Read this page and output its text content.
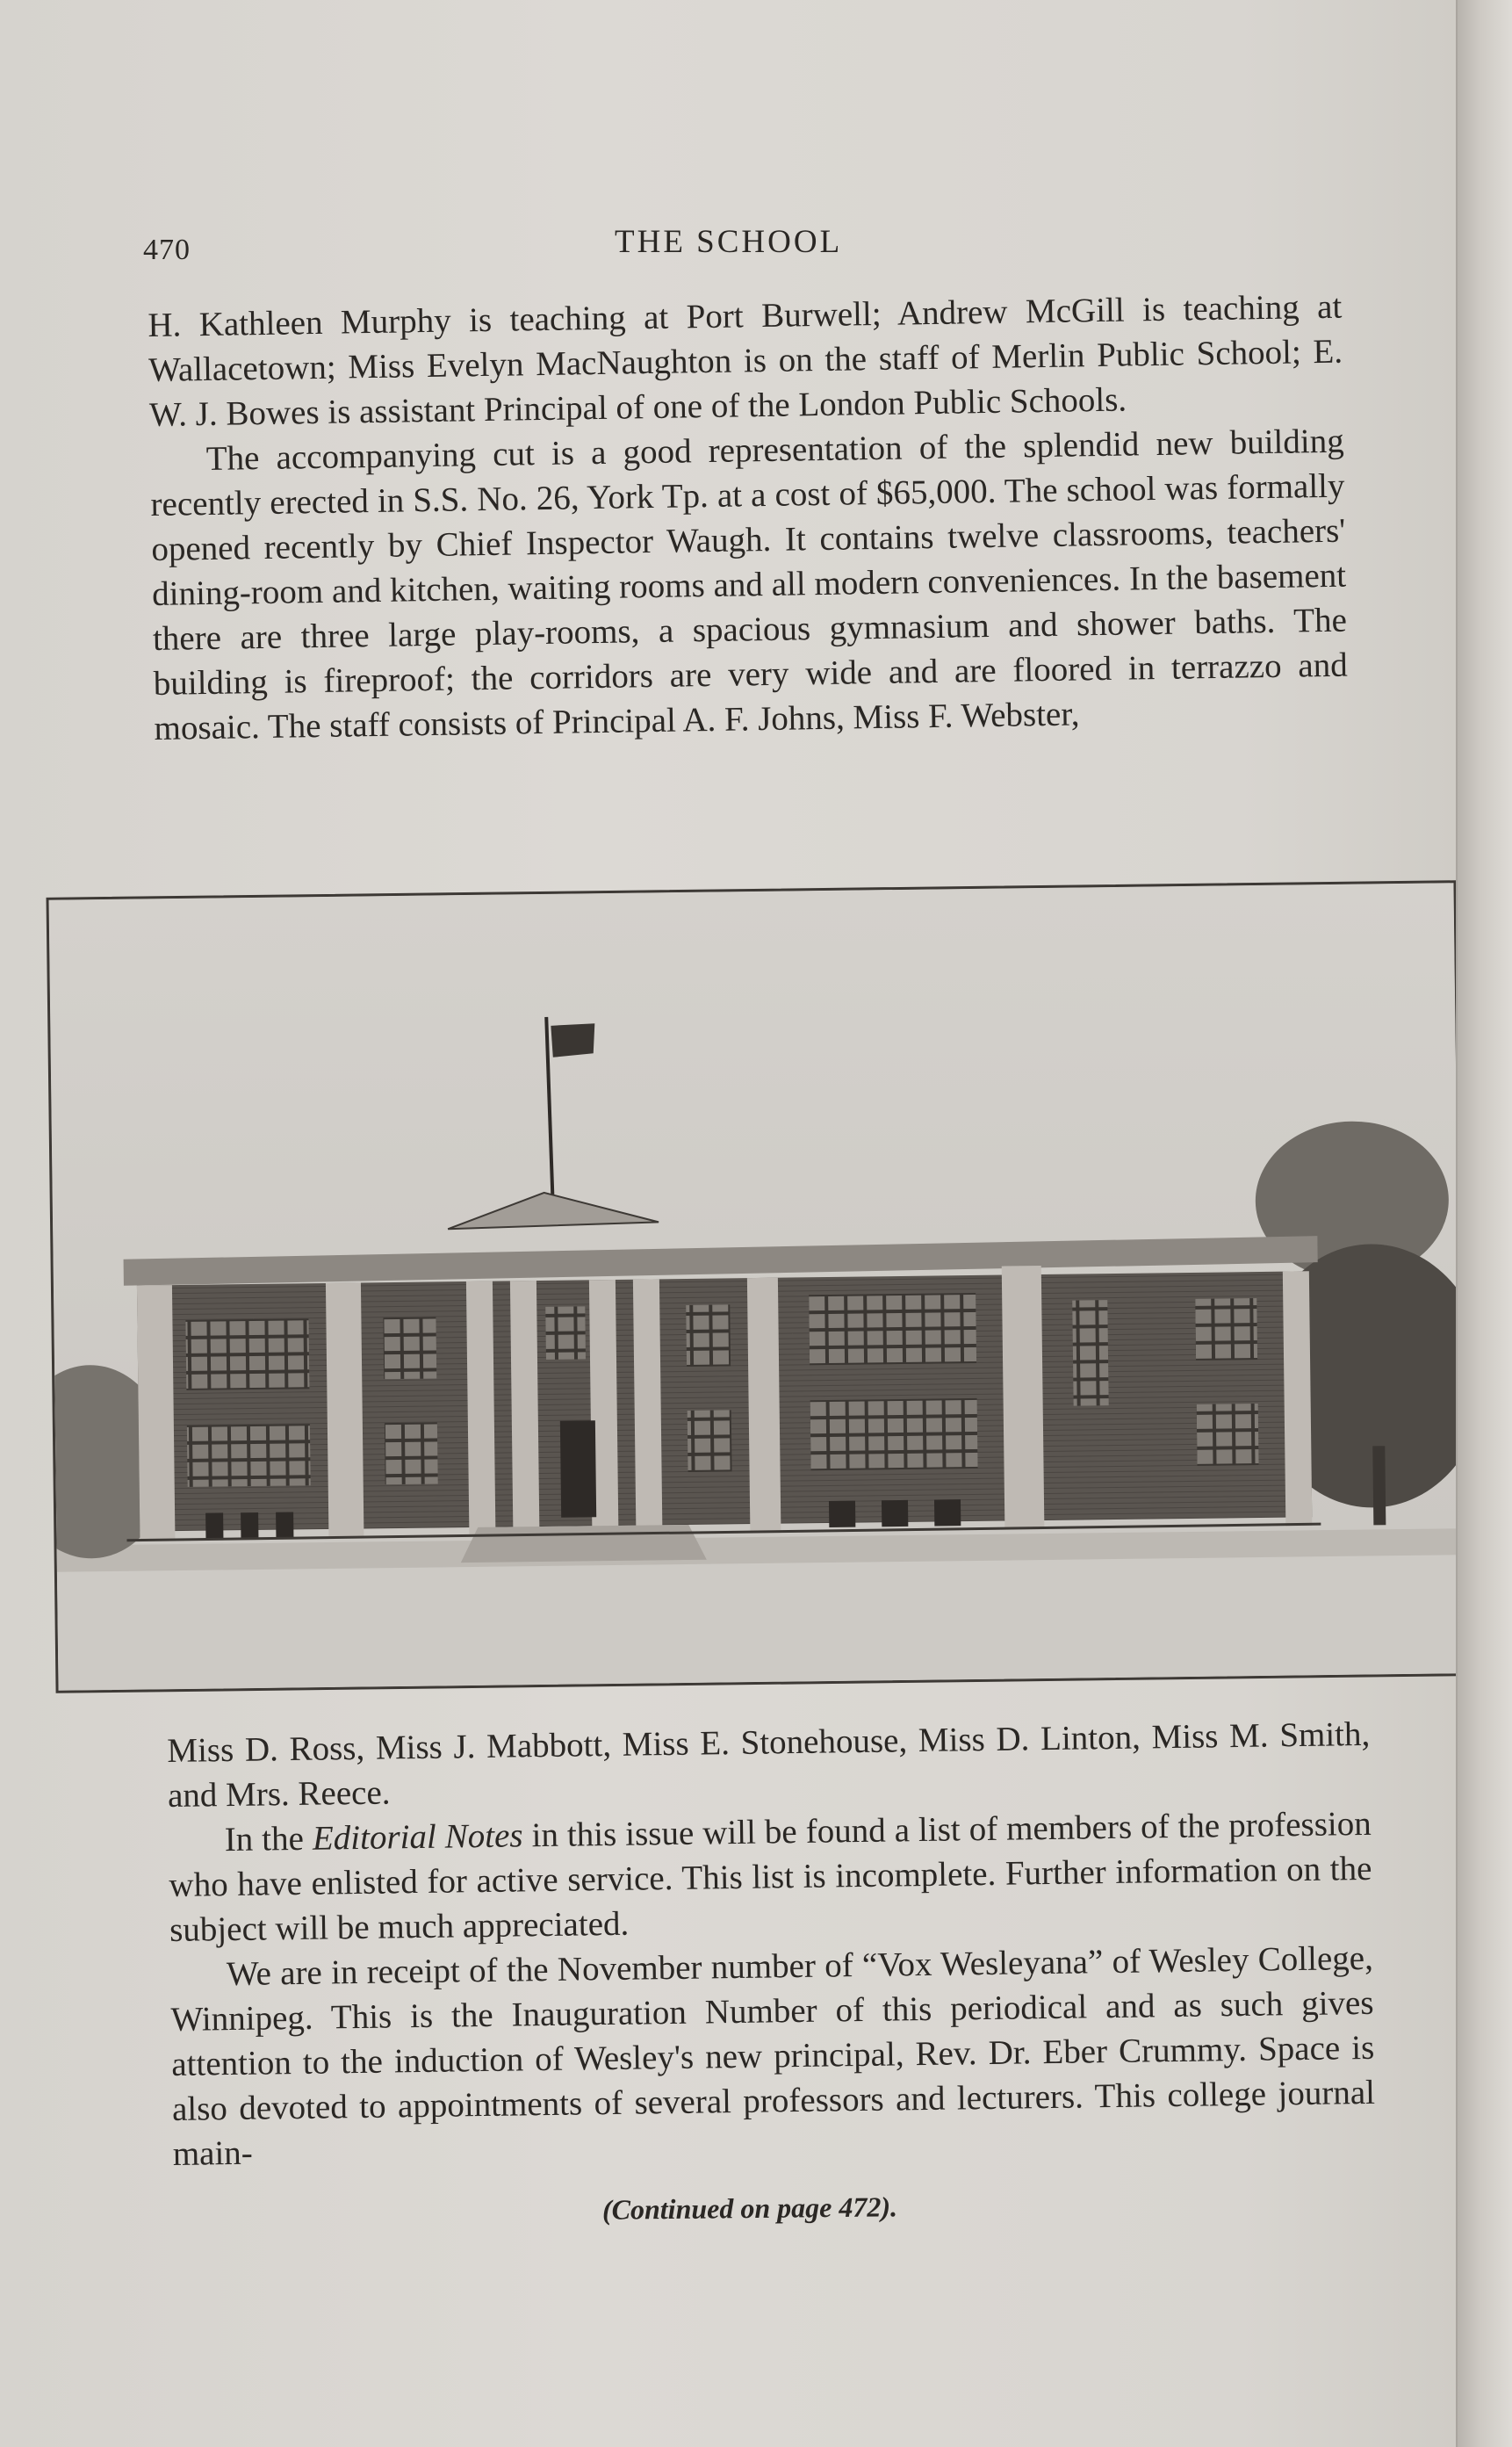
470	THE SCHOOL

H. Kathleen Murphy is teaching at Port Burwell; Andrew McGill is teaching at Wallacetown; Miss Evelyn MacNaughton is on the staff of Merlin Public School; E. W. J. Bowes is assistant Principal of one of the London Public Schools.

The accompanying cut is a good representation of the splendid new building recently erected in S.S. No. 26, York Tp. at a cost of $65,000. The school was formally opened recently by Chief Inspector Waugh. It contains twelve classrooms, teachers' dining-room and kitchen, waiting rooms and all modern conveniences. In the basement there are three large play-rooms, a spacious gymnasium and shower baths. The building is fireproof; the corridors are very wide and are floored in terrazzo and mosaic. The staff consists of Principal A. F. Johns, Miss F. Webster,

Miss D. Ross, Miss J. Mabbott, Miss E. Stonehouse, Miss D. Linton, Miss M. Smith, and Mrs. Reece.

In the Editorial Notes in this issue will be found a list of members of the profession who have enlisted for active service. This list is incomplete. Further information on the subject will be much appreciated.

We are in receipt of the November number of “Vox Wesleyana” of Wesley College, Winnipeg. This is the Inauguration Number of this periodical and as such gives attention to the induction of Wesley's new principal, Rev. Dr. Eber Crummy. Space is also devoted to appointments of several professors and lecturers. This college journal main-

(Continued on page 472).
